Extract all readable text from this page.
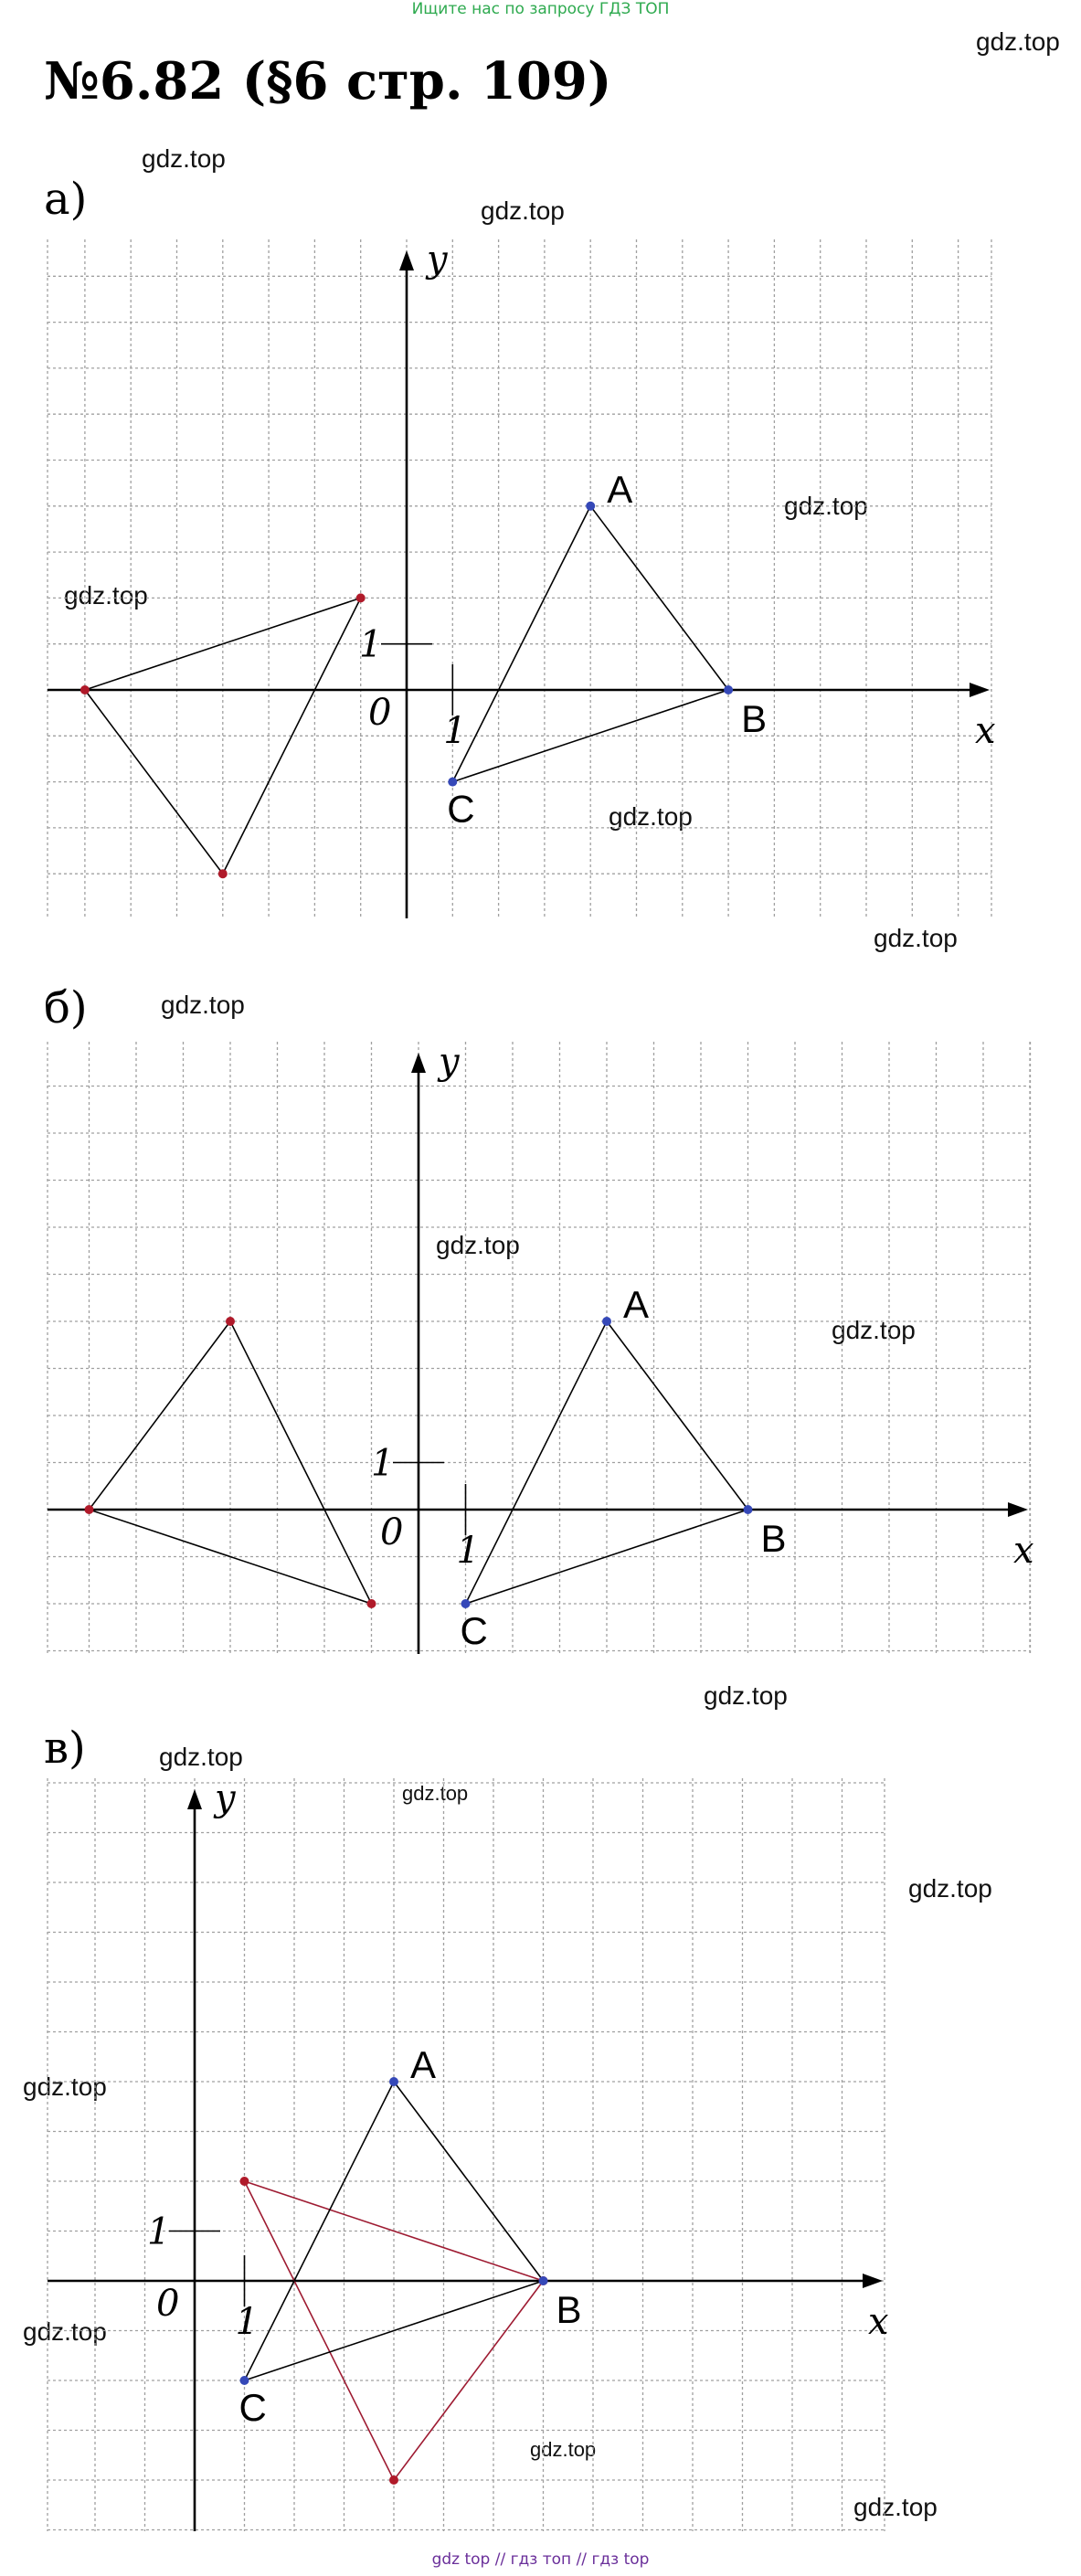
Ищите нас по запросу ГДЗ ТОП
gdz.top
№6.82 (§6 стр. 109)
а)
б)
в)
gdz.top
gdz.top
gdz.top
gdz.top
gdz.top
gdz.top
gdz.top
gdz.top
gdz.top
gdz.top
gdz.top
gdz.top
gdz.top
gdz.top
gdz.top
gdz.top
gdz.top
x
y
0
1
1
A
B
C
x
y
0
1
1
A
B
C
x
y
0
1
1
A
B
C
gdz top // гдз топ // гдз top
